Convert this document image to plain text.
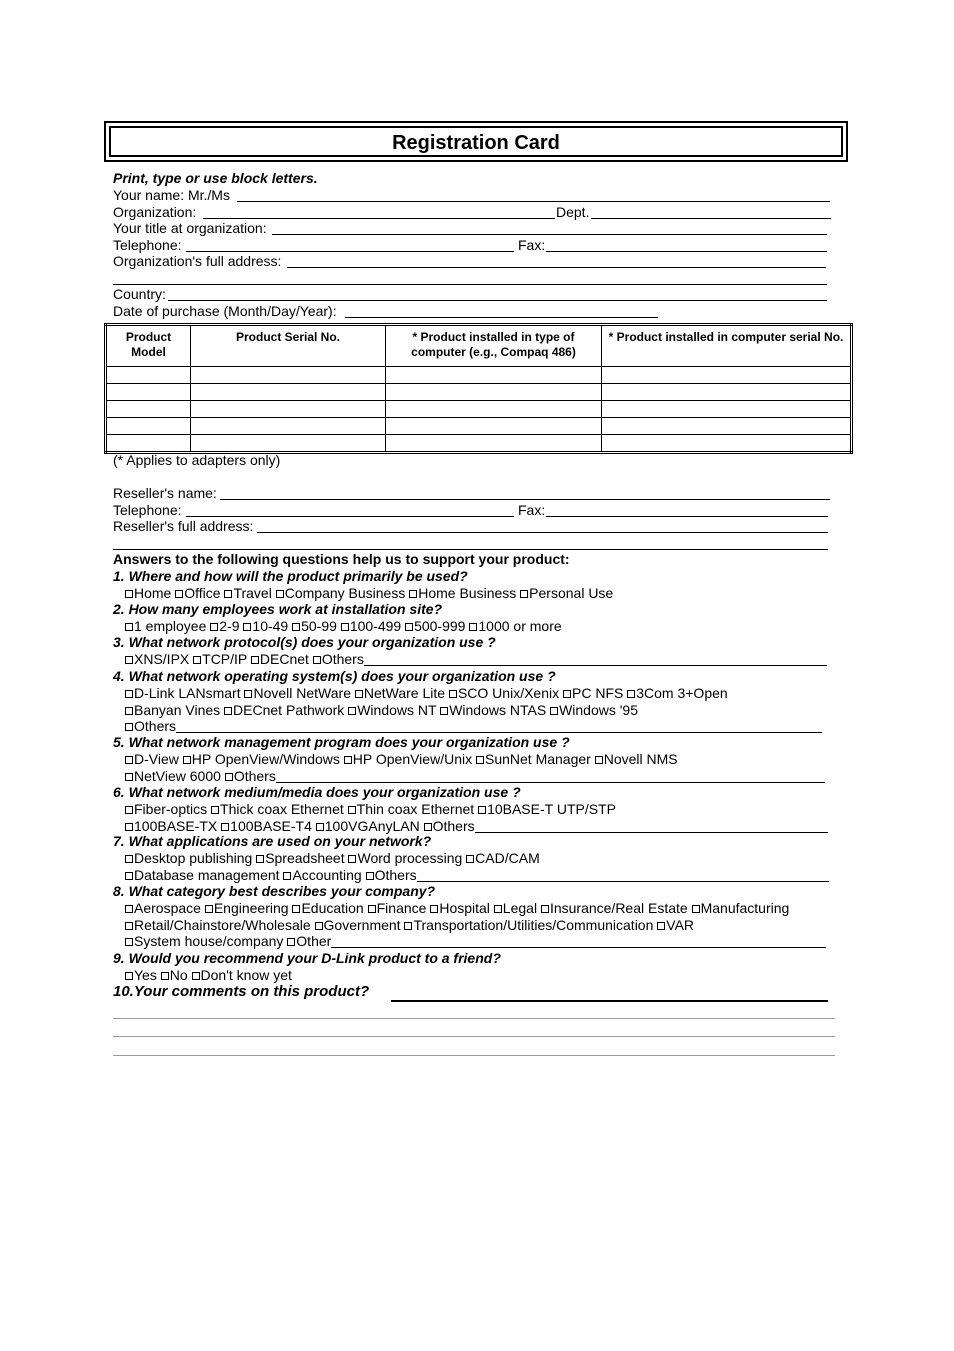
Registration Card
Print, type or use block letters.
Your name: Mr./Ms
Organization:	Dept.
Your title at organization:
Telephone:	Fax:
Organization's full address:
Country:
Date of purchase (Month/Day/Year):
Product Model	Product Serial No.	* Product installed in type of computer (e.g., Compaq 486)	* Product installed in computer serial No.

(* Applies to adapters only)
Reseller's name:
Telephone:	Fax:
Reseller's full address:
Answers to the following questions help us to support your product:
1. Where and how will the product primarily be used?
Home Office Travel Company Business Home Business Personal Use
2. How many employees work at installation site?
1 employee 2-9 10-49 50-99 100-499 500-999 1000 or more
3. What network protocol(s) does your organization use ?
XNS/IPX TCP/IP DECnet Others
4. What network operating system(s) does your organization use ?
D-Link LANsmart Novell NetWare NetWare Lite SCO Unix/Xenix PC NFS 3Com 3+Open
Banyan Vines DECnet Pathwork Windows NT Windows NTAS Windows '95
Others
5. What network management program does your organization use ?
D-View HP OpenView/Windows HP OpenView/Unix SunNet Manager Novell NMS
NetView 6000 Others
6. What network medium/media does your organization use ?
Fiber-optics Thick coax Ethernet Thin coax Ethernet 10BASE-T UTP/STP
100BASE-TX 100BASE-T4 100VGAnyLAN Others
7. What applications are used on your network?
Desktop publishing Spreadsheet Word processing CAD/CAM
Database management Accounting Others
8. What category best describes your company?
Aerospace Engineering Education Finance Hospital Legal Insurance/Real Estate Manufacturing
Retail/Chainstore/Wholesale Government Transportation/Utilities/Communication VAR
System house/company Other
9. Would you recommend your D-Link product to a friend?
Yes No Don't know yet
10.Your comments on this product?
